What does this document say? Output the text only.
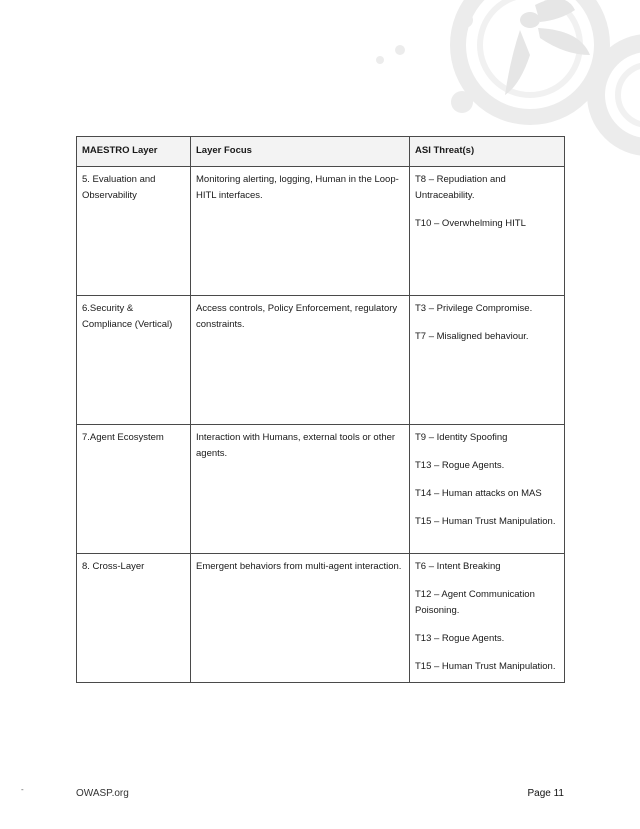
MAESTRO Layer	Layer Focus	ASI Threat(s)
5. Evaluation and Observability	Monitoring alerting, logging, Human in the Loop-HITL interfaces.	T8 – Repudiation and Untraceability.
T10 – Overwhelming HITL

6.Security & Compliance (Vertical)	Access controls, Policy Enforcement, regulatory constraints.	T3 – Privilege Compromise.
T7 – Misaligned behaviour.

7.Agent Ecosystem	Interaction with Humans, external tools or other agents.	T9 – Identity Spoofing
T13 – Rogue Agents.
T14 – Human attacks on MAS
T15 – Human Trust Manipulation.

8. Cross-Layer	Emergent behaviors from multi-agent interaction.	T6 – Intent Breaking
T12 – Agent Communication Poisoning.
T13 – Rogue Agents.
T15 – Human Trust Manipulation.
-	OWASP.org	Page 11
